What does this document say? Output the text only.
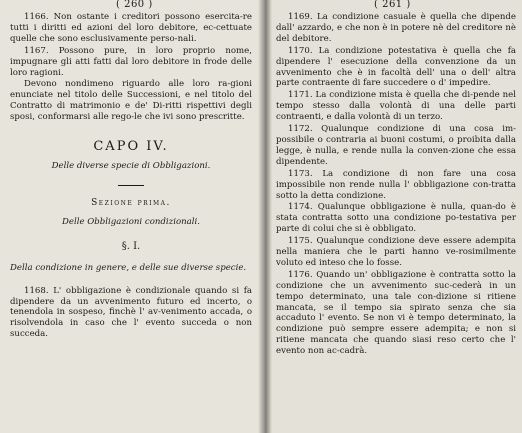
( 260 )

1166. Non ostante i creditori possono esercita-re tutti i diritti ed azioni del loro debitore, ec-cettuate quelle che sono esclusivamente perso-nali.

1167. Possono pure, in loro proprio nome, impugnare gli atti fatti dal loro debitore in frode delle loro ragioni.

Devono nondimeno riguardo alle loro ra-gioni enunciate nel titolo delle Successioni, e nel titolo del Contratto di matrimonio e de' Di-ritti rispettivi degli sposi, conformarsi alle rego-le che ivi sono prescritte.

CAPO IV.
Delle diverse specie di Obbligazioni.
Sezione prima.
Delle Obbligazioni condizionali.
§. I.

Della condizione in genere, e delle sue diverse specie.

1168. L' obbligazione è condizionale quando si fa dipendere da un avvenimento futuro ed incerto, o tenendola in sospeso, finchè l' av-venimento accada, o risolvendola in caso che l' evento succeda o non succeda.

( 261 )

1169. La condizione casuale è quella che dipende dall' azzardo, e che non è in potere nè del creditore nè del debitore.

1170. La condizione potestativa è quella che fa dipendere l' esecuzione della convenzione da un avvenimento che è in facoltà dell' una o dell' altra parte contraente di fare succedere o d' impedire.

1171. La condizione mista è quella che di-pende nel tempo stesso dalla volontà di una delle parti contraenti, e dalla volontà di un terzo.

1172. Qualunque condizione di una cosa im-possibile o contraria ai buoni costumi, o proibita dalla legge, è nulla, e rende nulla la conven-zione che essa dipendente.

1173. La condizione di non fare una cosa impossibile non rende nulla l' obbligazione con-tratta sotto la detta condizione.

1174. Qualunque obbligazione è nulla, quan-do è stata contratta sotto una condizione po-testativa per parte di colui che si è obbligato.

1175. Qualunque condizione deve essere adempita nella maniera che le parti hanno ve-rosimilmente voluto ed inteso che lo fosse.

1176. Quando un' obbligazione è contratta sotto la condizione che un avvenimento suc-cederà in un tempo determinato, una tale con-dizione si ritiene mancata, se il tempo sia spirato senza che sia accaduto l' evento. Se non vi è tempo determinato, la condizione può sempre essere adempita; e non si ritiene mancata che quando siasi reso certo che l' evento non ac-cadrà.
